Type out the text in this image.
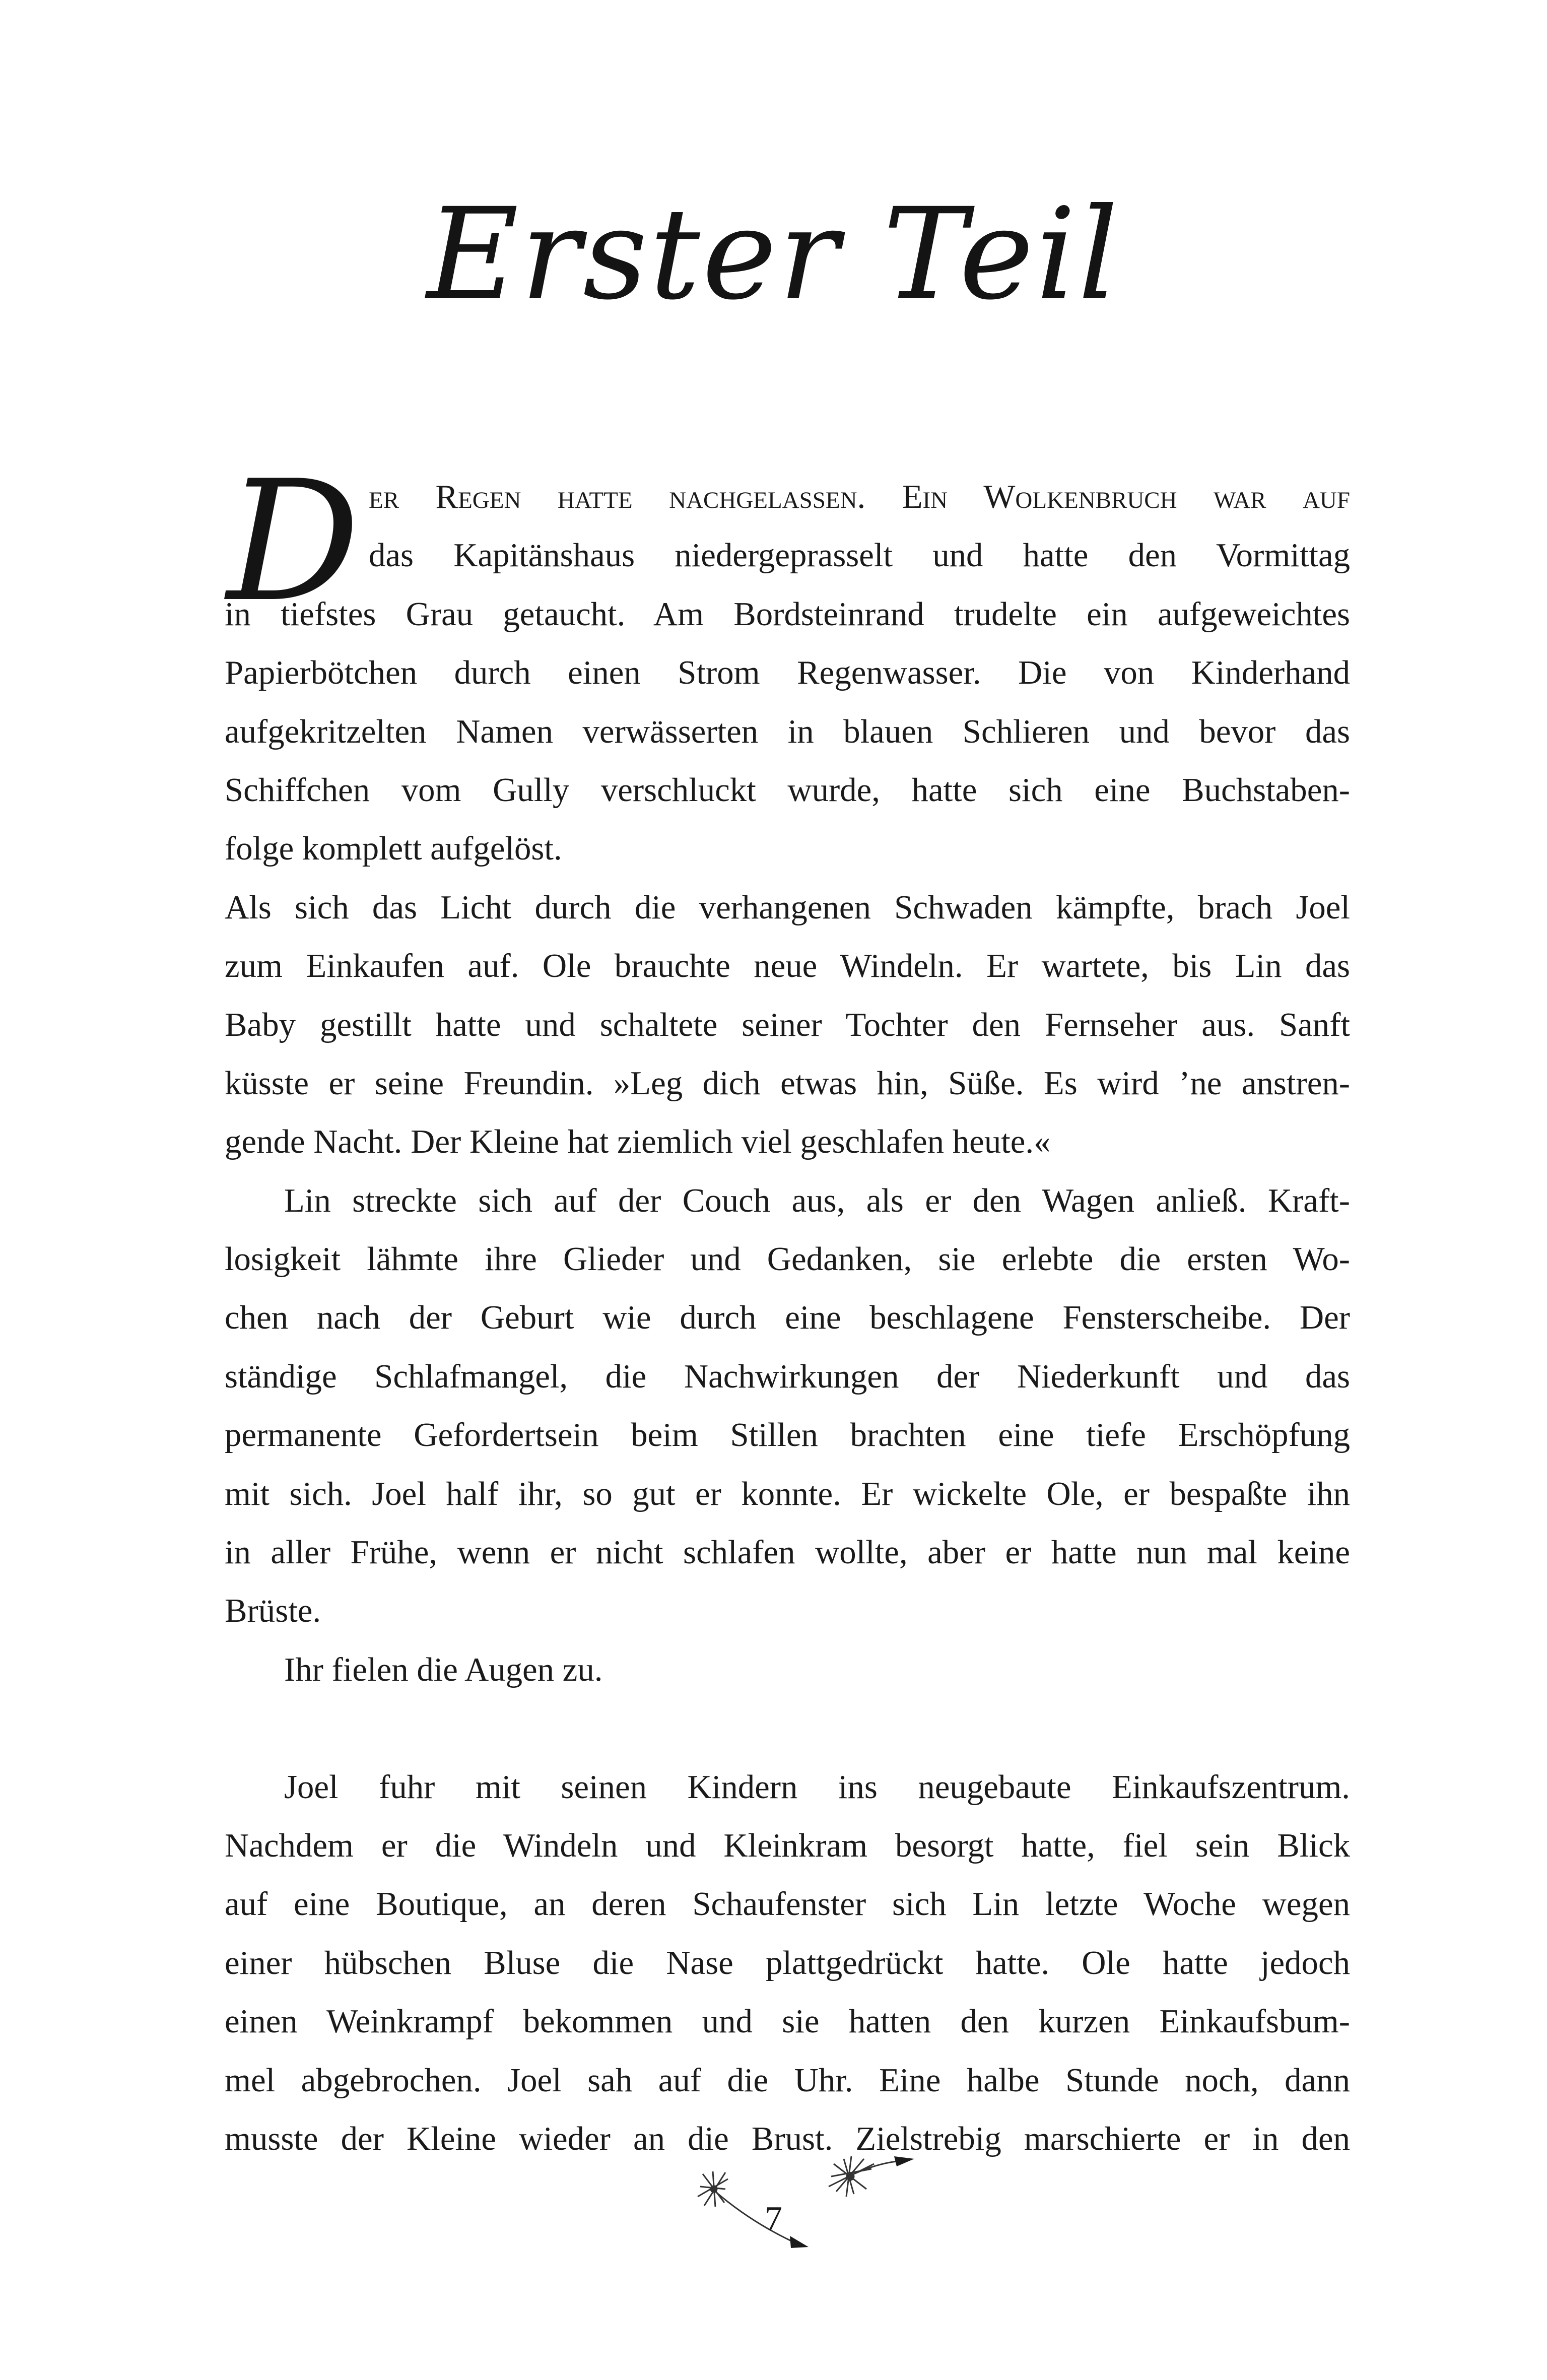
Erster Teil
D er Regen hatte nachgelassen. Ein Wolkenbruch war auf
das Kapitänshaus niedergeprasselt und hatte den Vormittag
in tiefstes Grau getaucht. Am Bordsteinrand trudelte ein aufgeweichtes
Papierbötchen durch einen Strom Regenwasser. Die von Kinderhand
aufgekritzelten Namen verwässerten in blauen Schlieren und bevor das
Schiffchen vom Gully verschluckt wurde, hatte sich eine Buchstaben-
folge komplett aufgelöst.
Als sich das Licht durch die verhangenen Schwaden kämpfte, brach Joel
zum Einkaufen auf. Ole brauchte neue Windeln. Er wartete, bis Lin das
Baby gestillt hatte und schaltete seiner Tochter den Fernseher aus. Sanft
küsste er seine Freundin. »Leg dich etwas hin, Süße. Es wird ’ne anstren-
gende Nacht. Der Kleine hat ziemlich viel geschlafen heute.«
Lin streckte sich auf der Couch aus, als er den Wagen anließ. Kraft-
losigkeit lähmte ihre Glieder und Gedanken, sie erlebte die ersten Wo-
chen nach der Geburt wie durch eine beschlagene Fensterscheibe. Der
ständige Schlafmangel, die Nachwirkungen der Niederkunft und das
permanente Gefordertsein beim Stillen brachten eine tiefe Erschöpfung
mit sich. Joel half ihr, so gut er konnte. Er wickelte Ole, er bespaßte ihn
in aller Frühe, wenn er nicht schlafen wollte, aber er hatte nun mal keine
Brüste.
Ihr fielen die Augen zu.
Joel fuhr mit seinen Kindern ins neugebaute Einkaufszentrum.
Nachdem er die Windeln und Kleinkram besorgt hatte, fiel sein Blick
auf eine Boutique, an deren Schaufenster sich Lin letzte Woche wegen
einer hübschen Bluse die Nase plattgedrückt hatte. Ole hatte jedoch
einen Weinkrampf bekommen und sie hatten den kurzen Einkaufsbum-
mel abgebrochen. Joel sah auf die Uhr. Eine halbe Stunde noch, dann
musste der Kleine wieder an die Brust. Zielstrebig marschierte er in den
7
